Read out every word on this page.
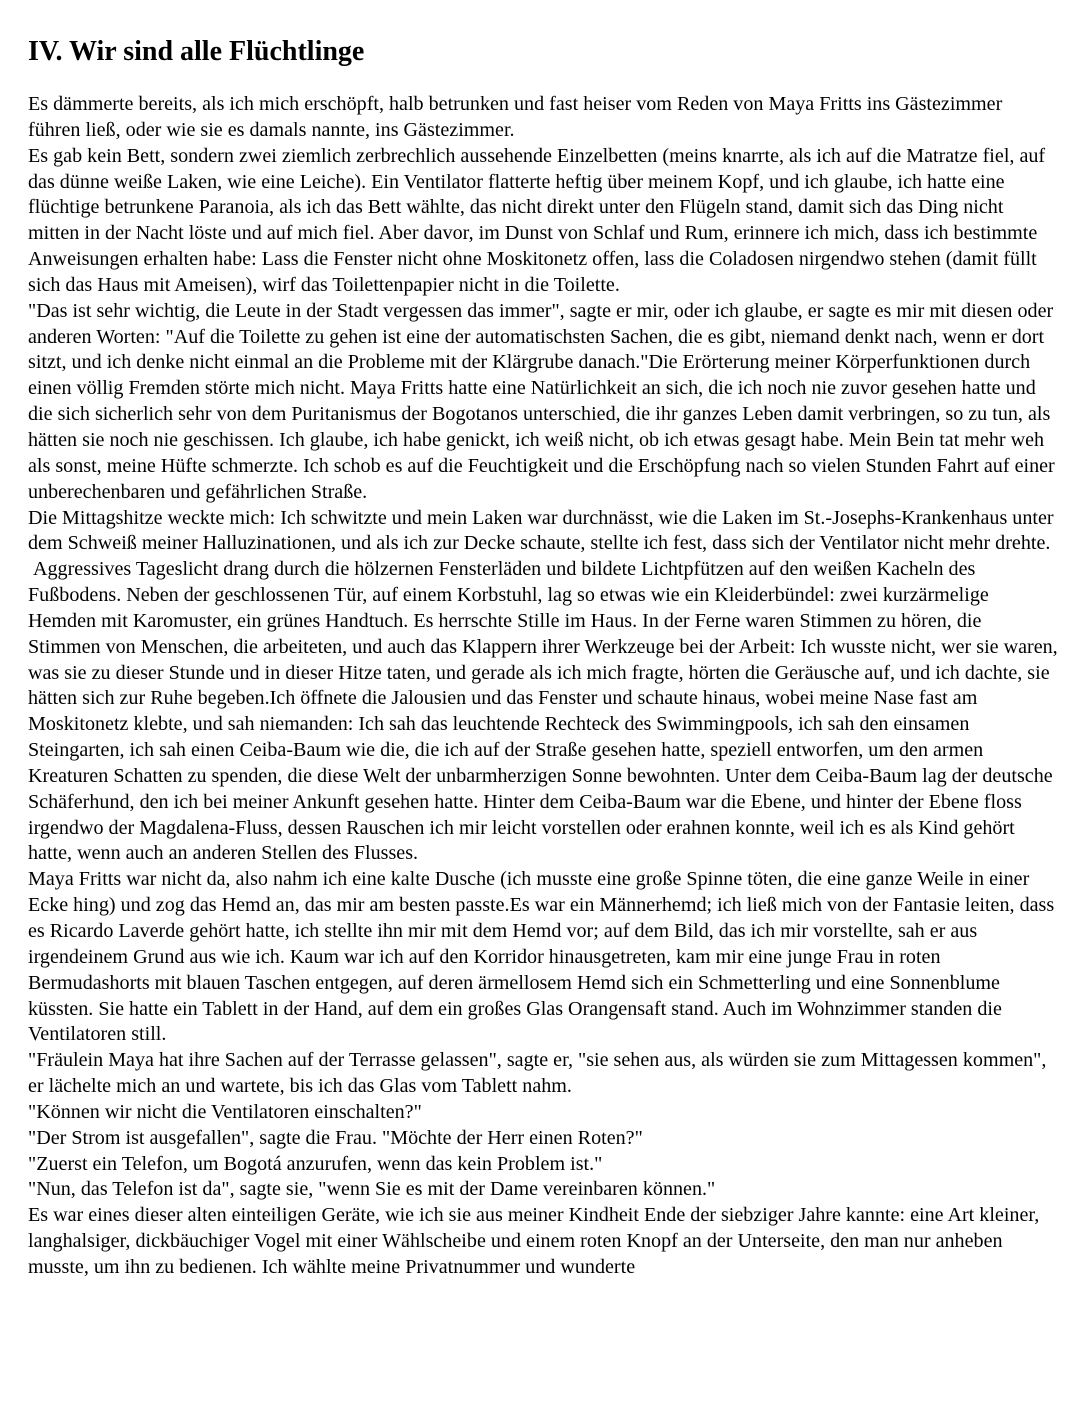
IV. Wir sind alle Flüchtlinge

Es dämmerte bereits, als ich mich erschöpft, halb betrunken und fast heiser vom Reden von Maya Fritts ins Gästezimmer führen ließ, oder wie sie es damals nannte, ins Gästezimmer.

Es gab kein Bett, sondern zwei ziemlich zerbrechlich aussehende Einzelbetten (meins knarrte, als ich auf die Matratze fiel, auf das dünne weiße Laken, wie eine Leiche). Ein Ventilator flatterte heftig über meinem Kopf, und ich glaube, ich hatte eine flüchtige betrunkene Paranoia, als ich das Bett wählte, das nicht direkt unter den Flügeln stand, damit sich das Ding nicht mitten in der Nacht löste und auf mich fiel. Aber davor, im Dunst von Schlaf und Rum, erinnere ich mich, dass ich bestimmte Anweisungen erhalten habe: Lass die Fenster nicht ohne Moskitonetz offen, lass die Coladosen nirgendwo stehen (damit füllt sich das Haus mit Ameisen), wirf das Toilettenpapier nicht in die Toilette.

"Das ist sehr wichtig, die Leute in der Stadt vergessen das immer", sagte er mir, oder ich glaube, er sagte es mir mit diesen oder anderen Worten: "Auf die Toilette zu gehen ist eine der automatischsten Sachen, die es gibt, niemand denkt nach, wenn er dort sitzt, und ich denke nicht einmal an die Probleme mit der Klärgrube danach."Die Erörterung meiner Körperfunktionen durch einen völlig Fremden störte mich nicht. Maya Fritts hatte eine Natürlichkeit an sich, die ich noch nie zuvor gesehen hatte und die sich sicherlich sehr von dem Puritanismus der Bogotanos unterschied, die ihr ganzes Leben damit verbringen, so zu tun, als hätten sie noch nie geschissen. Ich glaube, ich habe genickt, ich weiß nicht, ob ich etwas gesagt habe. Mein Bein tat mehr weh als sonst, meine Hüfte schmerzte. Ich schob es auf die Feuchtigkeit und die Erschöpfung nach so vielen Stunden Fahrt auf einer unberechenbaren und gefährlichen Straße.

Die Mittagshitze weckte mich: Ich schwitzte und mein Laken war durchnässt, wie die Laken im St.-Josephs-Krankenhaus unter dem Schweiß meiner Halluzinationen, und als ich zur Decke schaute, stellte ich fest, dass sich der Ventilator nicht mehr drehte.

Aggressives Tageslicht drang durch die hölzernen Fensterläden und bildete Lichtpfützen auf den weißen Kacheln des Fußbodens. Neben der geschlossenen Tür, auf einem Korbstuhl, lag so etwas wie ein Kleiderbündel: zwei kurzärmelige Hemden mit Karomuster, ein grünes Handtuch. Es herrschte Stille im Haus. In der Ferne waren Stimmen zu hören, die Stimmen von Menschen, die arbeiteten, und auch das Klappern ihrer Werkzeuge bei der Arbeit: Ich wusste nicht, wer sie waren, was sie zu dieser Stunde und in dieser Hitze taten, und gerade als ich mich fragte, hörten die Geräusche auf, und ich dachte, sie hätten sich zur Ruhe begeben.Ich öffnete die Jalousien und das Fenster und schaute hinaus, wobei meine Nase fast am Moskitonetz klebte, und sah niemanden: Ich sah das leuchtende Rechteck des Swimmingpools, ich sah den einsamen Steingarten, ich sah einen Ceiba-Baum wie die, die ich auf der Straße gesehen hatte, speziell entworfen, um den armen Kreaturen Schatten zu spenden, die diese Welt der unbarmherzigen Sonne bewohnten. Unter dem Ceiba-Baum lag der deutsche Schäferhund, den ich bei meiner Ankunft gesehen hatte. Hinter dem Ceiba-Baum war die Ebene, und hinter der Ebene floss irgendwo der Magdalena-Fluss, dessen Rauschen ich mir leicht vorstellen oder erahnen konnte, weil ich es als Kind gehört hatte, wenn auch an anderen Stellen des Flusses.

Maya Fritts war nicht da, also nahm ich eine kalte Dusche (ich musste eine große Spinne töten, die eine ganze Weile in einer Ecke hing) und zog das Hemd an, das mir am besten passte.Es war ein Männerhemd; ich ließ mich von der Fantasie leiten, dass es Ricardo Laverde gehört hatte, ich stellte ihn mir mit dem Hemd vor; auf dem Bild, das ich mir vorstellte, sah er aus irgendeinem Grund aus wie ich. Kaum war ich auf den Korridor hinausgetreten, kam mir eine junge Frau in roten Bermudashorts mit blauen Taschen entgegen, auf deren ärmellosem Hemd sich ein Schmetterling und eine Sonnenblume küssten. Sie hatte ein Tablett in der Hand, auf dem ein großes Glas Orangensaft stand. Auch im Wohnzimmer standen die Ventilatoren still.

"Fräulein Maya hat ihre Sachen auf der Terrasse gelassen", sagte er, "sie sehen aus, als würden sie zum Mittagessen kommen", er lächelte mich an und wartete, bis ich das Glas vom Tablett nahm.

"Können wir nicht die Ventilatoren einschalten?"

"Der Strom ist ausgefallen", sagte die Frau. "Möchte der Herr einen Roten?"

"Zuerst ein Telefon, um Bogotá anzurufen, wenn das kein Problem ist."

"Nun, das Telefon ist da", sagte sie, "wenn Sie es mit der Dame vereinbaren können."

Es war eines dieser alten einteiligen Geräte, wie ich sie aus meiner Kindheit Ende der siebziger Jahre kannte: eine Art kleiner, langhalsiger, dickbäuchiger Vogel mit einer Wählscheibe und einem roten Knopf an der Unterseite, den man nur anheben musste, um ihn zu bedienen. Ich wählte meine Privatnummer und wunderte
